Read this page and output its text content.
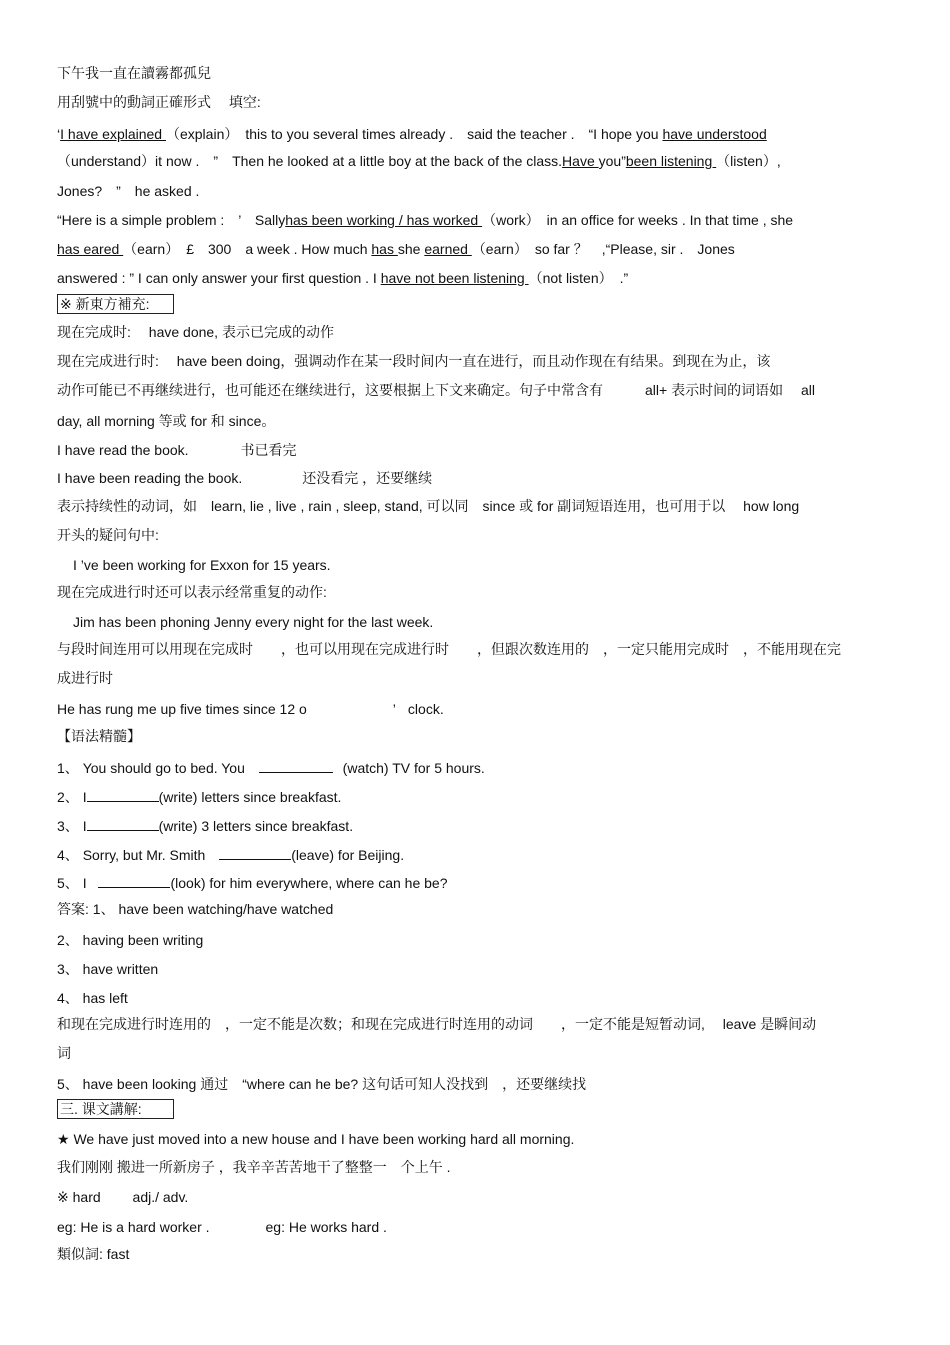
下午我一直在讀霧都孤兒
用刮號中的動詞正確形式　 填空:
‘I have explained （explain）　this to you several times already .　said the teacher .　“I hope you have understood
（understand）it now .　”　Then he looked at a little boy at the back of the class.Have you”been listening （listen）,
Jones?　”　he asked .
“Here is a simple problem :　’　Sallyhas been working / has worked （work）　in an office for weeks . In that time , she
has eared （earn）　£　300　a week . How much has she earned （earn）　so far ？　,“Please, sir .　Jones
answered : ” I can only answer your first question . I have not been listening （not listen）　.”
※ 新東方補充:
现在完成时:　 have done, 表示已完成的动作
现在完成进行时:　 have been doing，强调动作在某一段时间内一直在进行，而且动作现在有结果。到现在为止，该
动作可能已不再继续进行，也可能还在继续进行，这要根据上下文来确定。句子中常含有　　　all+ 表示时间的词语如　 all
day, all morning 等或 for 和 since。
I have read the book.	书已看完
I have been reading the book.	还没看完 ，还要继续
表示持续性的动词，如　learn, lie , live , rain , sleep, stand, 可以同　since 或 for 副词短语连用，也可用于以　 how long
开头的疑问句中:
I ’ve been working for Exxon for 15 years.
现在完成进行时还可以表示经常重复的动作:
Jim has been phoning Jenny every night for the last week.
与段时间连用可以用现在完成时　　，也可以用现在完成进行时　　，但跟次数连用的　，一定只能用完成时　，不能用现在完
成进行时
He has rung me up five times since 12 o	’ clock.
【语法精髓】
1、 You should go to bed. You	(watch) TV for 5 hours.
2、 I	(write) letters since breakfast.
3、 I	(write) 3 letters since breakfast.
4、 Sorry, but Mr. Smith	(leave) for Beijing.
5、 I	(look) for him everywhere, where can he be?
答案: 1、 have been watching/have watched
2、 having been writing
3、 have written
4、 has left
和现在完成进行时连用的　，一定不能是次数；和现在完成进行时连用的动词　　，一定不能是短暂动词,　 leave 是瞬间动
词
5、 have been looking 通过　“where can he be? 这句话可知人没找到　，还要继续找
三. 课文講解:
★ We have just moved into a new house and I have been working hard all morning.
我们刚刚 搬进一所新房子 ，我辛辛苦苦地干了整整一　个上午 .
※ hard　　 adj./ adv.
eg: He is a hard worker .	eg: He works hard .
類似詞: fast
